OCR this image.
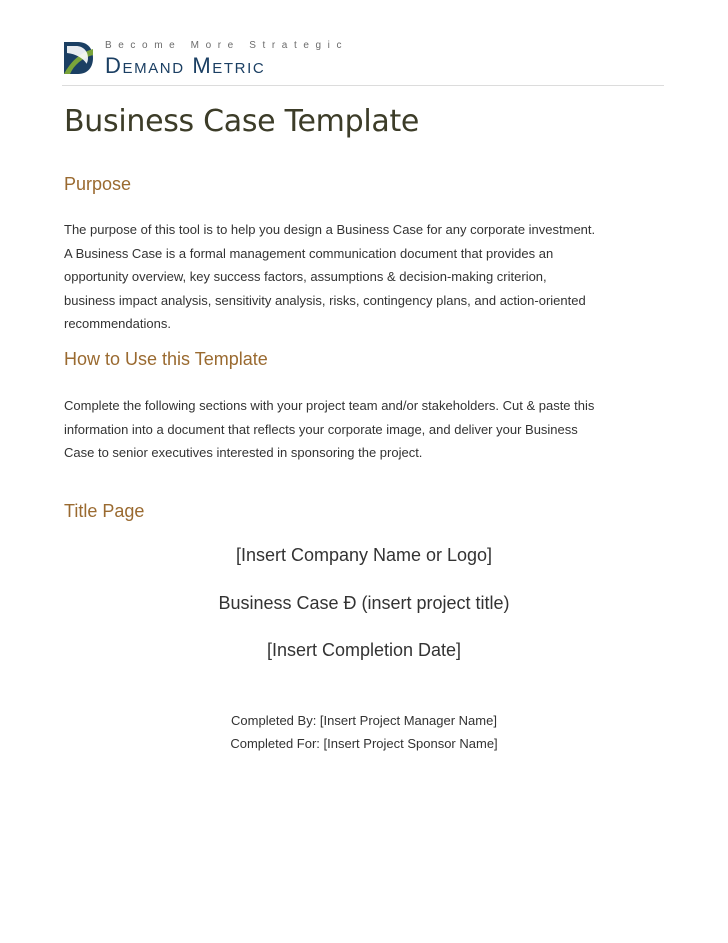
Become More Strategic
Demand Metric
Business Case Template
Purpose

The purpose of this tool is to help you design a Business Case for any corporate investment.
A Business Case is a formal management communication document that provides an
opportunity overview, key success factors, assumptions & decision-making criterion,
business impact analysis, sensitivity analysis, risks, contingency plans, and action-oriented
recommendations.

How to Use this Template

Complete the following sections with your project team and/or stakeholders. Cut & paste this
information into a document that reflects your corporate image, and deliver your Business
Case to senior executives interested in sponsoring the project.

Title Page

[Insert Company Name or Logo]

Business Case Ð (insert project title)

[Insert Completion Date]

Completed By: [Insert Project Manager Name]

Completed For: [Insert Project Sponsor Name]
